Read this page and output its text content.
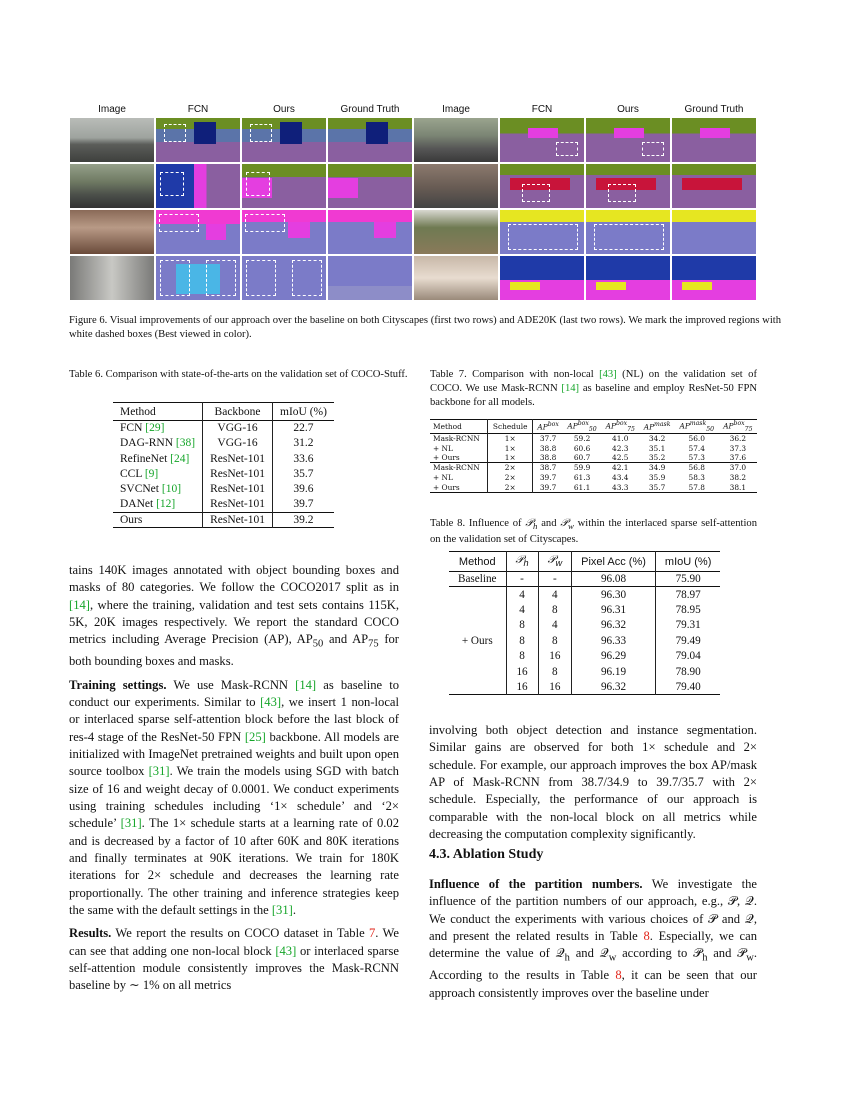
Image	FCN	Ours	Ground Truth	Image	FCN	Ours	Ground Truth
Figure 6. Visual improvements of our approach over the baseline on both Cityscapes (first two rows) and ADE20K (last two rows). We mark the improved regions with white dashed boxes (Best viewed in color).
Table 6. Comparison with state-of-the-arts on the validation set of COCO-Stuff.
Method	Backbone	mIoU (%)
FCN [29]	VGG-16	22.7
DAG-RNN [38]	VGG-16	31.2
RefineNet [24]	ResNet-101	33.6
CCL [9]	ResNet-101	35.7
SVCNet [10]	ResNet-101	39.6
DANet [12]	ResNet-101	39.7
Ours	ResNet-101	39.2
Table 7. Comparison with non-local [43] (NL) on the validation set of COCO. We use Mask-RCNN [14] as baseline and employ ResNet-50 FPN backbone for all models.
Method	Schedule	$AP^{box}$	$AP^{box}_{50}$	$AP^{box}_{75}$	$AP^{mask}$	$AP^{mask}_{50}$	$AP^{box}_{75}$
Mask-RCNN	1×	37.7	59.2	41.0	34.2	56.0	36.2
+ NL	1×	38.8	60.6	42.3	35.1	57.4	37.3
+ Ours	1×	38.8	60.7	42.5	35.2	57.3	37.6
Mask-RCNN	2×	38.7	59.9	42.1	34.9	56.8	37.0
+ NL	2×	39.7	61.3	43.4	35.9	58.3	38.2
+ Ours	2×	39.7	61.1	43.3	35.7	57.8	38.1
Table 8. Influence of 𝒫$_h$ and 𝒫$_w$ within the interlaced sparse self-attention on the validation set of Cityscapes.
Method	𝒫$_h$	𝒫$_w$	Pixel Acc (%)	mIoU (%)
Baseline	-	-	96.08	75.90
+ Ours	4	4	96.30	78.97
	4	8	96.31	78.95
	8	4	96.32	79.31
	8	8	96.33	79.49
	8	16	96.29	79.04
	16	8	96.19	78.90
	16	16	96.32	79.40

tains 140K images annotated with object bounding boxes and masks of 80 categories. We follow the COCO2017 split as in [14], where the training, validation and test sets contains 115K, 5K, 20K images respectively. We report the standard COCO metrics including Average Precision (AP), $AP_{50}$ and $AP_{75}$ for both bounding boxes and masks.

Training settings. We use Mask-RCNN [14] as baseline to conduct our experiments. Similar to [43], we insert 1 non-local or interlaced sparse self-attention block before the last block of res-4 stage of the ResNet-50 FPN [25] backbone. All models are initialized with ImageNet pretrained weights and built upon open source toolbox [31]. We train the models using SGD with batch size of 16 and weight decay of 0.0001. We conduct experiments using training schedules including ‘1× schedule’ and ‘2× schedule’ [31]. The 1× schedule starts at a learning rate of 0.02 and is decreased by a factor of 10 after 60K and 80K iterations and finally terminates at 90K iterations. We train for 180K iterations for 2× schedule and decreases the learning rate proportionally. The other training and inference strategies keep the same with the default settings in the [31].

Results. We report the results on COCO dataset in Table 7. We can see that adding one non-local block [43] or interlaced sparse self-attention module consistently improves the Mask-RCNN baseline by ∼ 1% on all metrics

involving both object detection and instance segmentation. Similar gains are observed for both 1× schedule and 2× schedule. For example, our approach improves the box AP/mask AP of Mask-RCNN from 38.7/34.9 to 39.7/35.7 with 2× schedule. Especially, the performance of our approach is comparable with the non-local block on all metrics while decreasing the computation complexity significantly.
4.3. Ablation Study
Influence of the partition numbers. We investigate the influence of the partition numbers of our approach, e.g., 𝒫, 𝒬. We conduct the experiments with various choices of 𝒫 and 𝒬, and present the related results in Table 8. Especially, we can determine the value of 𝒬$_h$ and 𝒬$_w$ according to 𝒫$_h$ and 𝒫$_w$. According to the results in Table 8, it can be seen that our approach consistently improves over the baseline under
